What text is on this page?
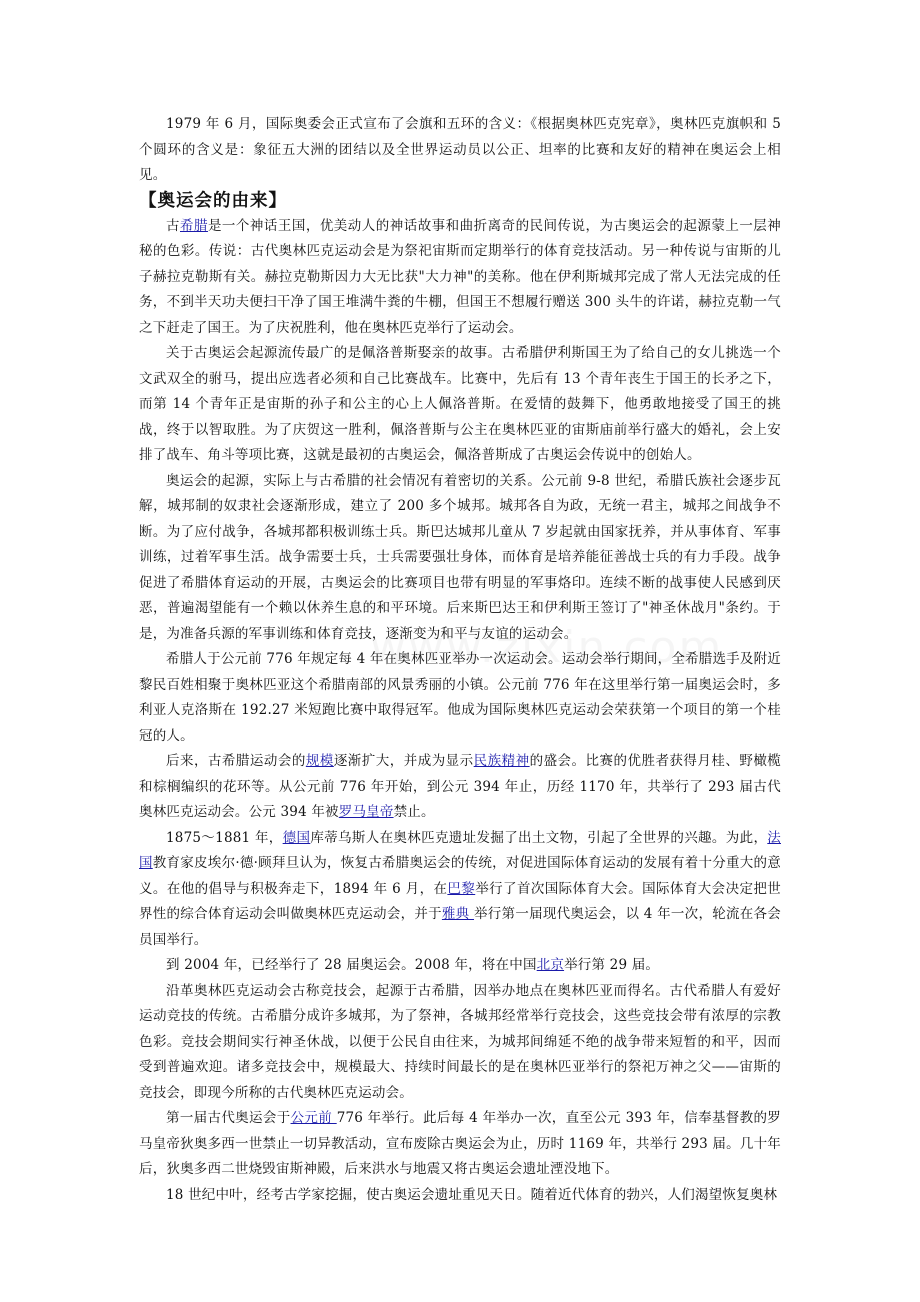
1979 年 6 月，国际奥委会正式宣布了会旗和五环的含义：《根据奥林匹克宪章》，奥林匹克旗帜和 5 个圆环的含义是：象征五大洲的团结以及全世界运动员以公正、坦率的比赛和友好的精神在奥运会上相见。

【奥运会的由来】

古希腊是一个神话王国，优美动人的神话故事和曲折离奇的民间传说，为古奥运会的起源蒙上一层神秘的色彩。传说：古代奥林匹克运动会是为祭祀宙斯而定期举行的体育竞技活动。另一种传说与宙斯的儿子赫拉克勒斯有关。赫拉克勒斯因力大无比获"大力神"的美称。他在伊利斯城邦完成了常人无法完成的任务，不到半天功夫便扫干净了国王堆满牛粪的牛棚，但国王不想履行赠送 300 头牛的许诺，赫拉克勒一气之下赶走了国王。为了庆祝胜利，他在奥林匹克举行了运动会。

关于古奥运会起源流传最广的是佩洛普斯娶亲的故事。古希腊伊利斯国王为了给自己的女儿挑选一个文武双全的驸马，提出应选者必须和自己比赛战车。比赛中，先后有 13 个青年丧生于国王的长矛之下，而第 14 个青年正是宙斯的孙子和公主的心上人佩洛普斯。在爱情的鼓舞下，他勇敢地接受了国王的挑战，终于以智取胜。为了庆贺这一胜利，佩洛普斯与公主在奥林匹亚的宙斯庙前举行盛大的婚礼，会上安排了战车、角斗等项比赛，这就是最初的古奥运会，佩洛普斯成了古奥运会传说中的创始人。

奥运会的起源，实际上与古希腊的社会情况有着密切的关系。公元前 9-8 世纪，希腊氏族社会逐步瓦解，城邦制的奴隶社会逐渐形成，建立了 200 多个城邦。城邦各自为政，无统一君主，城邦之间战争不断。为了应付战争，各城邦都积极训练士兵。斯巴达城邦儿童从 7 岁起就由国家抚养，并从事体育、军事训练，过着军事生活。战争需要士兵，士兵需要强壮身体，而体育是培养能征善战士兵的有力手段。战争促进了希腊体育运动的开展，古奥运会的比赛项目也带有明显的军事烙印。连续不断的战事使人民感到厌恶，普遍渴望能有一个赖以休养生息的和平环境。后来斯巴达王和伊利斯王签订了"神圣休战月"条约。于是，为准备兵源的军事训练和体育竞技，逐渐变为和平与友谊的运动会。

希腊人于公元前 776 年规定每 4 年在奥林匹亚举办一次运动会。运动会举行期间，全希腊选手及附近黎民百姓相聚于奥林匹亚这个希腊南部的风景秀丽的小镇。公元前 776 年在这里举行第一届奥运会时，多利亚人克洛斯在 192.27 米短跑比赛中取得冠军。他成为国际奥林匹克运动会荣获第一个项目的第一个桂冠的人。

后来，古希腊运动会的规模逐渐扩大，并成为显示民族精神的盛会。比赛的优胜者获得月桂、野橄榄和棕榈编织的花环等。从公元前 776 年开始，到公元 394 年止，历经 1170 年，共举行了 293 届古代奥林匹克运动会。公元 394 年被罗马皇帝禁止。

1875～1881 年，德国库蒂乌斯人在奥林匹克遗址发掘了出土文物，引起了全世界的兴趣。为此，法国教育家皮埃尔·德·顾拜旦认为，恢复古希腊奥运会的传统，对促进国际体育运动的发展有着十分重大的意义。在他的倡导与积极奔走下，1894 年 6 月，在巴黎举行了首次国际体育大会。国际体育大会决定把世界性的综合体育运动会叫做奥林匹克运动会，并于雅典 举行第一届现代奥运会，以 4 年一次，轮流在各会员国举行。

到 2004 年，已经举行了 28 届奥运会。2008 年，将在中国北京举行第 29 届。

沿革奥林匹克运动会古称竞技会，起源于古希腊，因举办地点在奥林匹亚而得名。古代希腊人有爱好运动竞技的传统。古希腊分成许多城邦，为了祭神，各城邦经常举行竞技会，这些竞技会带有浓厚的宗教色彩。竞技会期间实行神圣休战，以便于公民自由往来，为城邦间绵延不绝的战争带来短暂的和平，因而受到普遍欢迎。诸多竞技会中，规模最大、持续时间最长的是在奥林匹亚举行的祭祀万神之父——宙斯的竞技会，即现今所称的古代奥林匹克运动会。

第一届古代奥运会于公元前 776 年举行。此后每 4 年举办一次，直至公元 393 年，信奉基督教的罗马皇帝狄奥多西一世禁止一切异教活动，宣布废除古奥运会为止，历时 1169 年，共举行 293 届。几十年后，狄奥多西二世烧毁宙斯神殿，后来洪水与地震又将古奥运会遗址湮没地下。

18 世纪中叶，经考古学家挖掘，使古奥运会遗址重见天日。随着近代体育的勃兴，人们渴望恢复奥林
